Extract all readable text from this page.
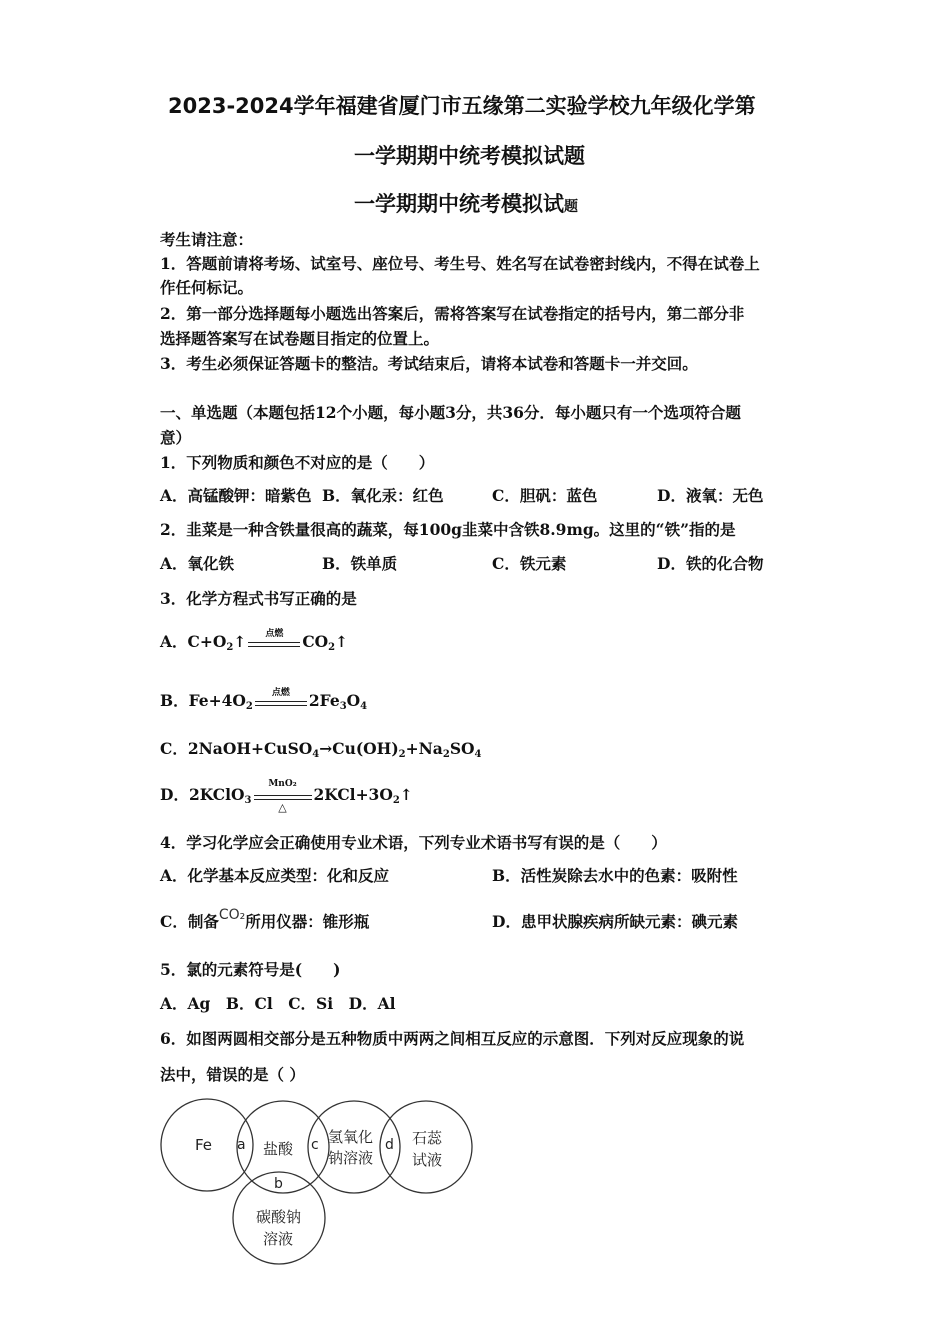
2023-2024学年福建省厦门市五缘第二实验学校九年级化学第
一学期期中统考模拟试题
一学期期中统考模拟试题
考生请注意：
1．答题前请将考场、试室号、座位号、考生号、姓名写在试卷密封线内，不得在试卷上
作任何标记。
2．第一部分选择题每小题选出答案后，需将答案写在试卷指定的括号内，第二部分非
选择题答案写在试卷题目指定的位置上。
3．考生必须保证答题卡的整洁。考试结束后，请将本试卷和答题卡一并交回。
一、单选题（本题包括12个小题，每小题3分，共36分．每小题只有一个选项符合题
意）
1．下列物质和颜色不对应的是（　　）
A．高锰酸钾：暗紫色 B．氧化汞：红色	C．胆矾：蓝色	D．液氧：无色
2．韭菜是一种含铁量很高的蔬菜，每100g韭菜中含铁8.9mg。这里的“铁”指的是
A．氧化铁	B．铁单质	C．铁元素	D．铁的化合物
3．化学方程式书写正确的是
A．$C+O_2↑$	点燃	$CO_2↑$
B．$Fe+4O_2$
点燃	$2Fe_3O_4$
C．$2NaOH+CuSO_4\to Cu(OH)_2+Na_2SO_4$
D．2KClO$_3$
MnO₂
△
$2KCl+3O_2↑$
4．学习化学应会正确使用专业术语，下列专业术语书写有误的是（　　）
A．化学基本反应类型：化和反应	B．活性炭除去水中的色素：吸附性
C．制备CO₂所用仪器：锥形瓶	D．患甲状腺疾病所缺元素：碘元素
5．氯的元素符号是(　　)
A．Ag　B．Cl　C．Si　D．Al
6．如图两圆相交部分是五种物质中两两之间相互反应的示意图．下列对反应现象的说
法中，错误的是（ ）
Fe	盐酸
氢氧化
钠溶液
石蕊
试液
碳酸钠
溶液
a
b
c	d
